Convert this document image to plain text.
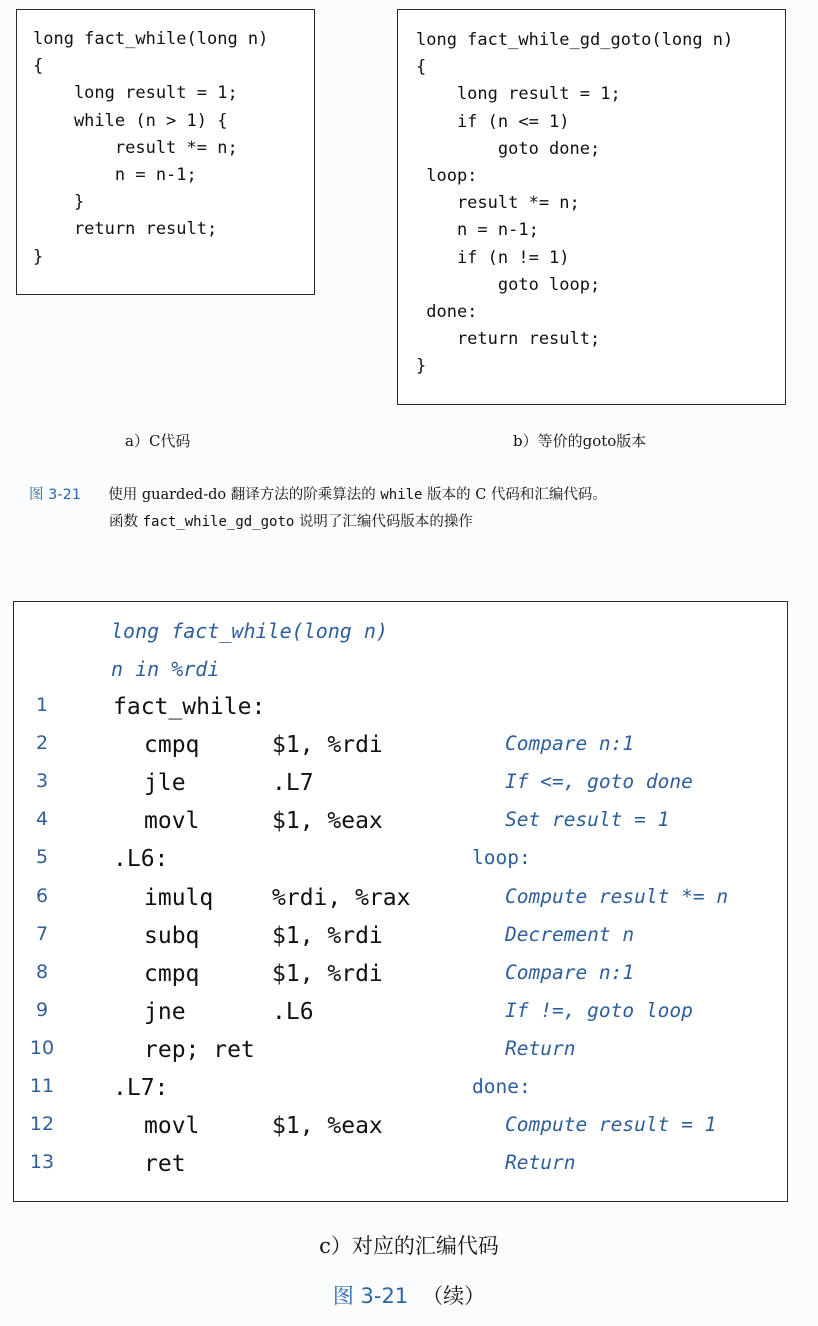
long fact_while(long n)
{
long result = 1;
while (n > 1) {
result *= n;
n = n-1;
}
return result;
}
a）C代码
long fact_while_gd_goto(long n)
{
long result = 1;
if (n <= 1)
goto done;
loop:
result *= n;
n = n-1;
if (n != 1)
goto loop;
done:
return result;
}
b）等价的goto版本
图 3-21 使用 guarded-do 翻译方法的阶乘算法的 while 版本的 C 代码和汇编代码。
函数 fact_while_gd_goto 说明了汇编代码版本的操作
long fact_while(long n)
n in %rdi
1	fact_while:
2	cmpq	$1, %rdi	Compare n:1
3	jle	.L7	If <=, goto done
4	movl	$1, %eax	Set result = 1
5	.L6:	loop:
6	imulq	%rdi, %rax	Compute result *= n
7	subq	$1, %rdi	Decrement n
8	cmpq	$1, %rdi	Compare n:1
9	jne	.L6	If !=, goto loop
10	rep; ret	Return
11	.L7:	done:
12	movl	$1, %eax	Compute result = 1
13	ret	Return
c）对应的汇编代码
图 3-21 （续）
